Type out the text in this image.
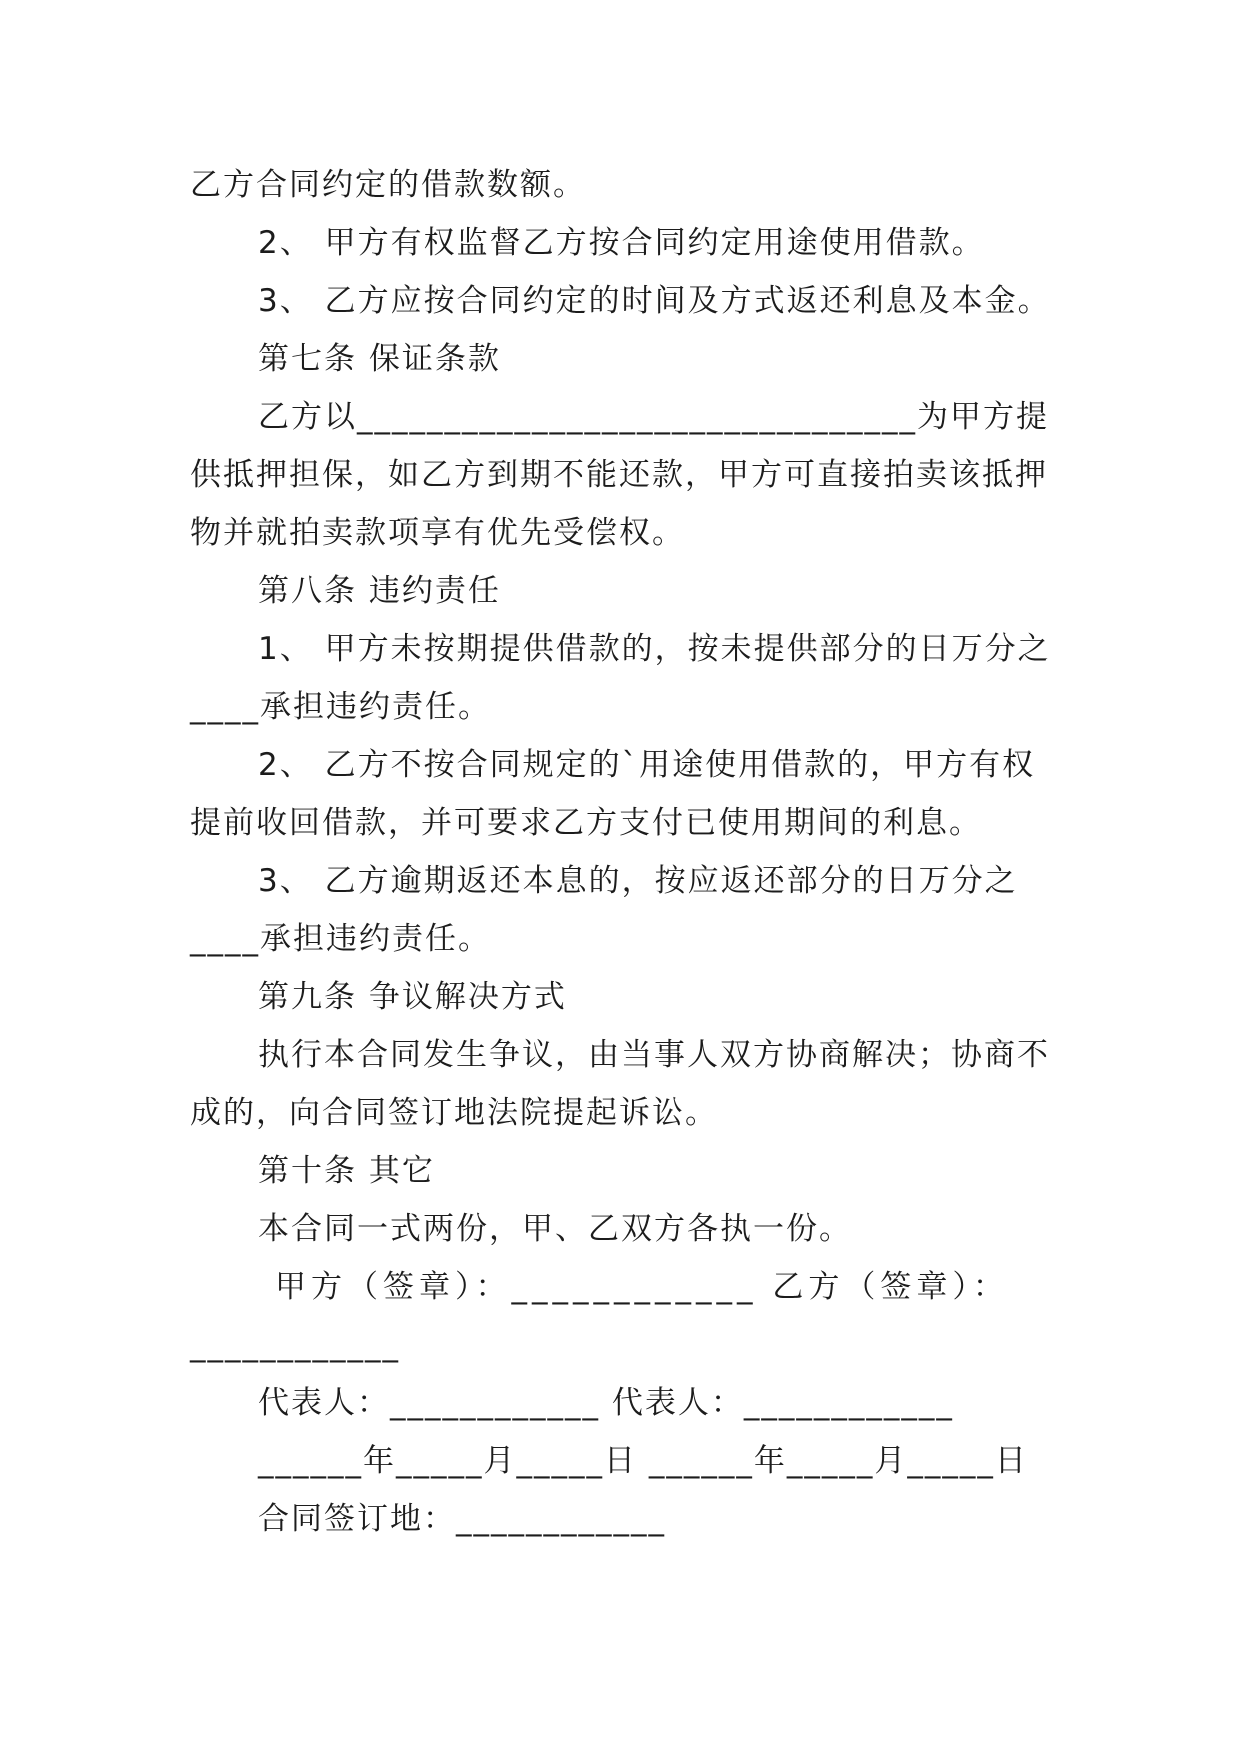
乙方合同约定的借款数额。
2、 甲方有权监督乙方按合同约定用途使用借款。
3、 乙方应按合同约定的时间及方式返还利息及本金。
第七条 保证条款
乙方以________________________________为甲方提
供抵押担保，如乙方到期不能还款，甲方可直接拍卖该抵押
物并就拍卖款项享有优先受偿权。
第八条 违约责任
1、 甲方未按期提供借款的，按未提供部分的日万分之
____承担违约责任。
2、 乙方不按合同规定的`用途使用借款的，甲方有权
提前收回借款，并可要求乙方支付已使用期间的利息。
3、 乙方逾期返还本息的，按应返还部分的日万分之
____承担违约责任。
第九条 争议解决方式
执行本合同发生争议，由当事人双方协商解决；协商不
成的，向合同签订地法院提起诉讼。
第十条 其它
本合同一式两份，甲、乙双方各执一份。
甲方（签章）：____________ 乙方（签章）：
____________
代表人：____________ 代表人：____________
______年_____月_____日 ______年_____月_____日
合同签订地：____________
